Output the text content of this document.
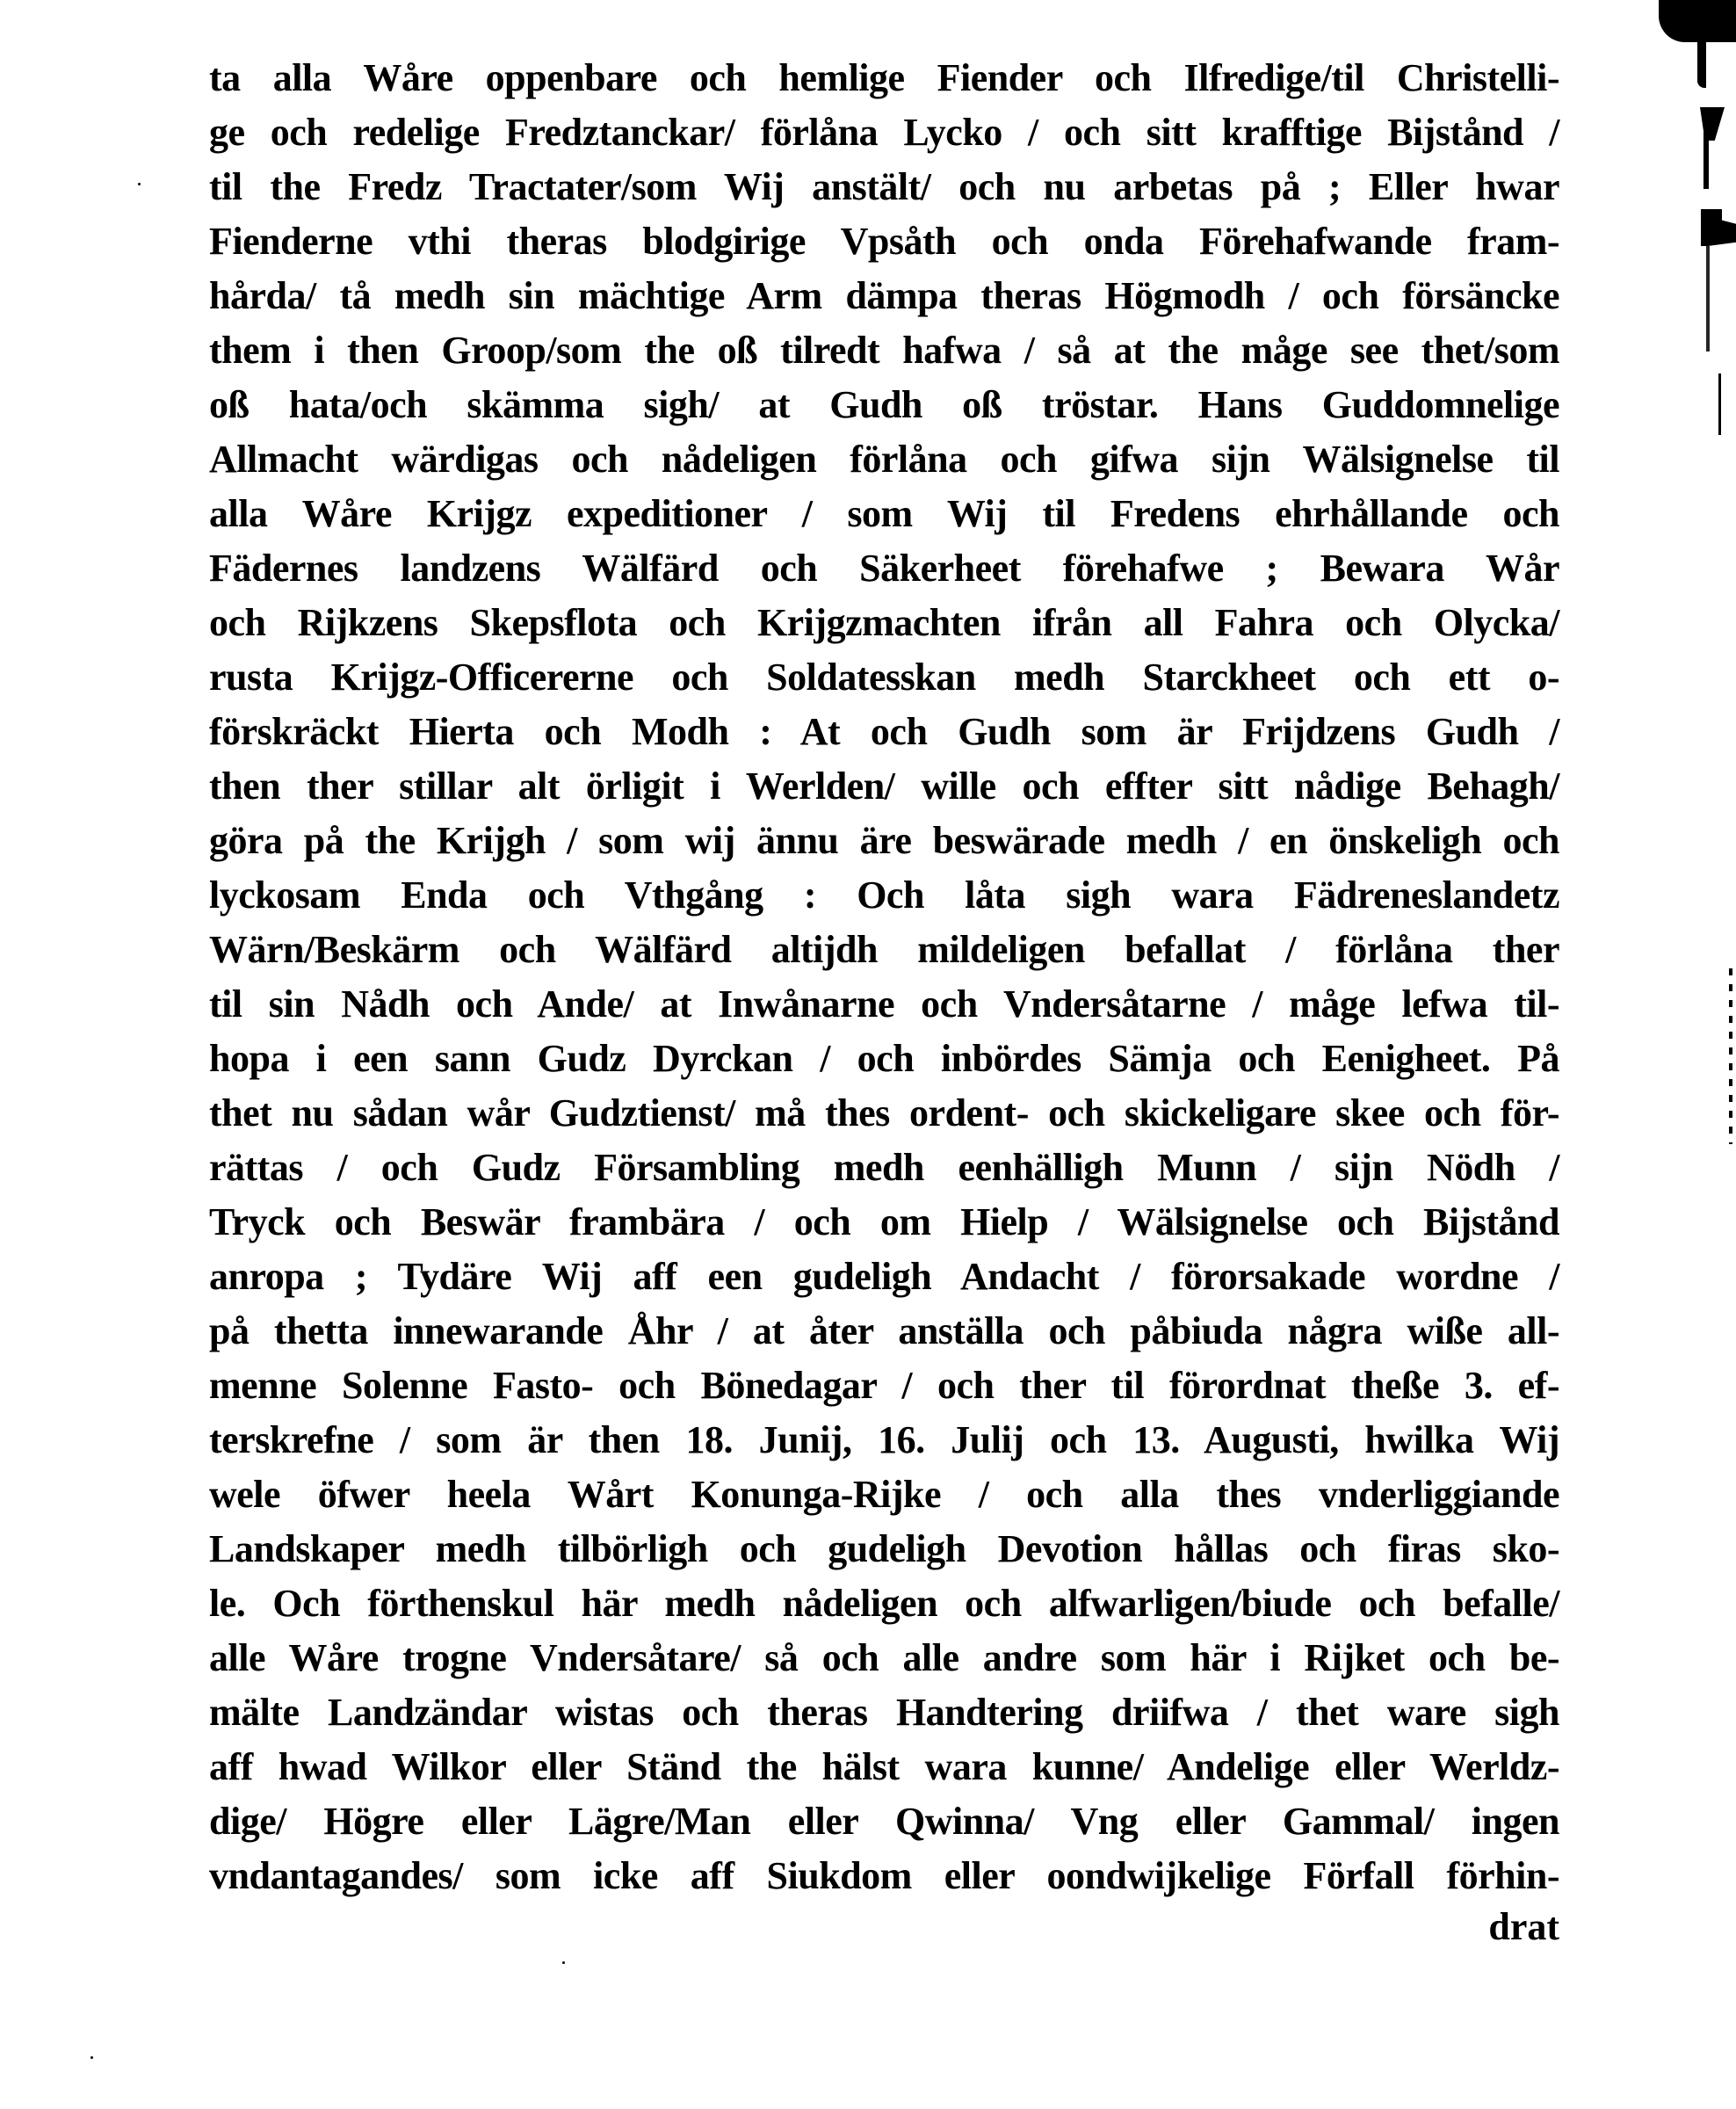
ta alla Wåre oppenbare och hemlige Fiender och Ilfredige/til Christelli-
ge och redelige Fredztanckar/ förlåna Lycko / och sitt krafftige Bijstånd /
til the Fredz Tractater/som Wij anstält/ och nu arbetas på ; Eller hwar
Fienderne vthi theras blodgirige Vpsåth och onda Förehafwande fram-
hårda/ tå medh sin mächtige Arm dämpa theras Högmodh / och försäncke
them i then Groop/som the oß tilredt hafwa / så at the måge see thet/som
oß hata/och skämma sigh/ at Gudh oß tröstar. Hans Guddomnelige
Allmacht wärdigas och nådeligen förlåna och gifwa sijn Wälsignelse til
alla Wåre Krijgz expeditioner / som Wij til Fredens ehrhållande och
Fädernes landzens Wälfärd och Säkerheet förehafwe ; Bewara Wår
och Rijkzens Skepsflota och Krijgzmachten ifrån all Fahra och Olycka/
rusta Krijgz-Officererne och Soldatesskan medh Starckheet och ett o-
förskräckt Hierta och Modh : At och Gudh som är Frijdzens Gudh /
then ther stillar alt örligit i Werlden/ wille och effter sitt nådige Behagh/
göra på the Krijgh / som wij ännu äre beswärade medh / en önskeligh och
lyckosam Enda och Vthgång : Och låta sigh wara Fädreneslandetz
Wärn/Beskärm och Wälfärd altijdh mildeligen befallat / förlåna ther
til sin Nådh och Ande/ at Inwånarne och Vndersåtarne / måge lefwa til-
hopa i een sann Gudz Dyrckan / och inbördes Sämja och Eenigheet. På
thet nu sådan wår Gudztienst/ må thes ordent- och skickeligare skee och för-
rättas / och Gudz Försambling medh eenhälligh Munn / sijn Nödh /
Tryck och Beswär frambära / och om Hielp / Wälsignelse och Bijstånd
anropa ; Tydäre Wij aff een gudeligh Andacht / förorsakade wordne /
på thetta innewarande Åhr / at åter anställa och påbiuda några wiße all-
menne Solenne Fasto- och Bönedagar / och ther til förordnat theße 3. ef-
terskrefne / som är then 18. Junij, 16. Julij och 13. Augusti, hwilka Wij
wele öfwer heela Wårt Konunga-Rijke / och alla thes vnderliggiande
Landskaper medh tilbörligh och gudeligh Devotion hållas och firas sko-
le. Och förthenskul här medh nådeligen och alfwarligen/biude och befalle/
alle Wåre trogne Vndersåtare/ så och alle andre som här i Rijket och be-
mälte Landzändar wistas och theras Handtering driifwa / thet ware sigh
aff hwad Wilkor eller Ständ the hälst wara kunne/ Andelige eller Werldz-
dige/ Högre eller Lägre/Man eller Qwinna/ Vng eller Gammal/ ingen
vndantagandes/ som icke aff Siukdom eller oondwijkelige Förfall förhin-
drat
